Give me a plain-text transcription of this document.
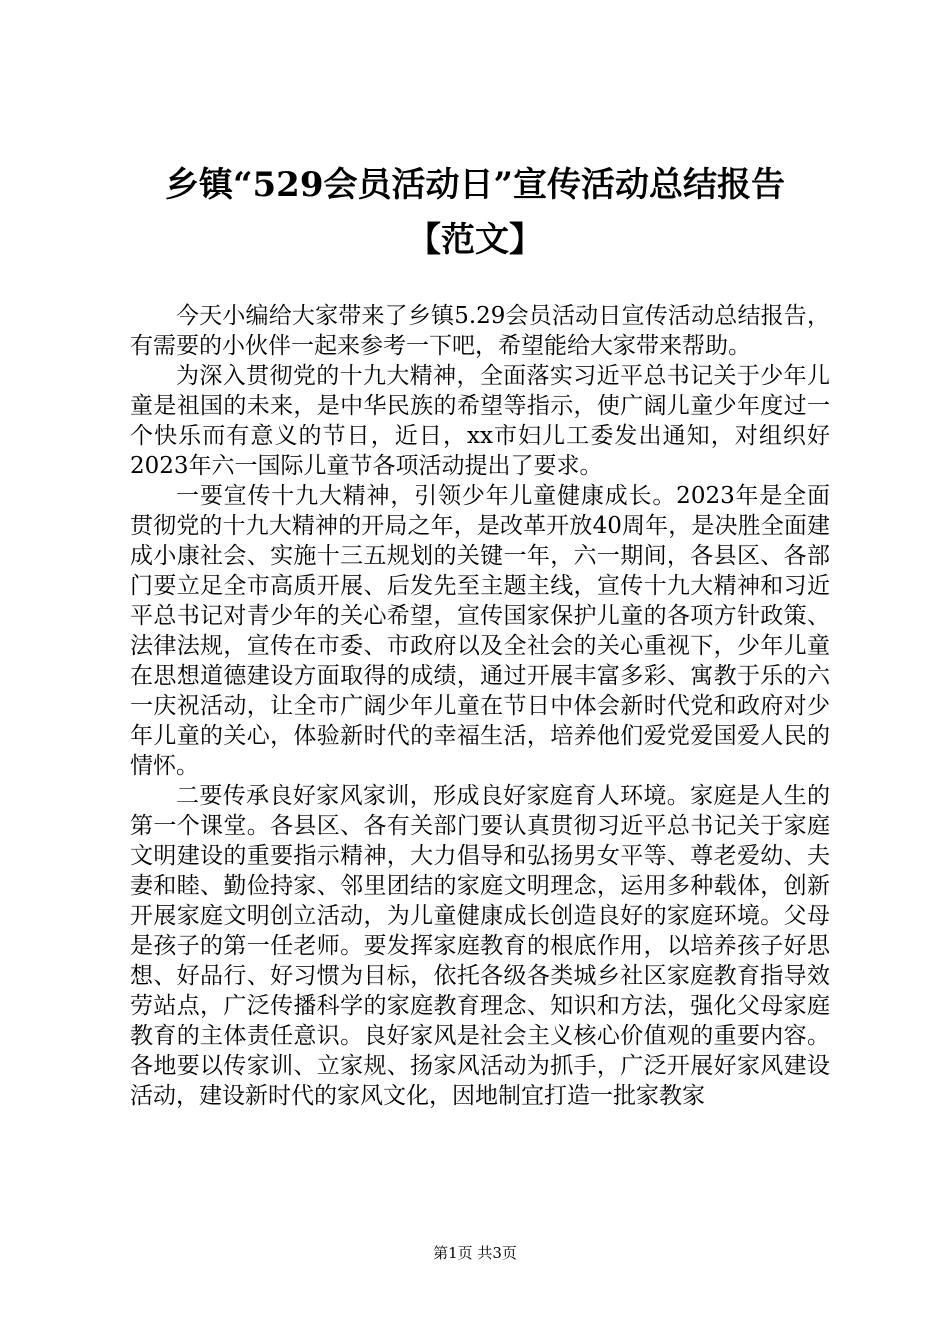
乡镇“529会员活动日”宣传活动总结报告
【范文】

今天小编给大家带来了乡镇5.29会员活动日宣传活动总结报告，有需要的小伙伴一起来参考一下吧，希望能给大家带来帮助。

为深入贯彻党的十九大精神，全面落实习近平总书记关于少年儿童是祖国的未来，是中华民族的希望等指示，使广阔儿童少年度过一个快乐而有意义的节日，近日，xx市妇儿工委发出通知，对组织好2023年六一国际儿童节各项活动提出了要求。

一要宣传十九大精神，引领少年儿童健康成长。2023年是全面贯彻党的十九大精神的开局之年，是改革开放40周年，是决胜全面建成小康社会、实施十三五规划的关键一年，六一期间，各县区、各部门要立足全市高质开展、后发先至主题主线，宣传十九大精神和习近平总书记对青少年的关心希望，宣传国家保护儿童的各项方针政策、法律法规，宣传在市委、市政府以及全社会的关心重视下，少年儿童在思想道德建设方面取得的成绩，通过开展丰富多彩、寓教于乐的六一庆祝活动，让全市广阔少年儿童在节日中体会新时代党和政府对少年儿童的关心，体验新时代的幸福生活，培养他们爱党爱国爱人民的情怀。

二要传承良好家风家训，形成良好家庭育人环境。家庭是人生的第一个课堂。各县区、各有关部门要认真贯彻习近平总书记关于家庭文明建设的重要指示精神，大力倡导和弘扬男女平等、尊老爱幼、夫妻和睦、勤俭持家、邻里团结的家庭文明理念，运用多种载体，创新开展家庭文明创立活动，为儿童健康成长创造良好的家庭环境。父母是孩子的第一任老师。要发挥家庭教育的根底作用，以培养孩子好思想、好品行、好习惯为目标，依托各级各类城乡社区家庭教育指导效劳站点，广泛传播科学的家庭教育理念、知识和方法，强化父母家庭教育的主体责任意识。良好家风是社会主义核心价值观的重要内容。各地要以传家训、立家规、扬家风活动为抓手，广泛开展好家风建设活动，建设新时代的家风文化，因地制宜打造一批家教家

第1页 共3页
